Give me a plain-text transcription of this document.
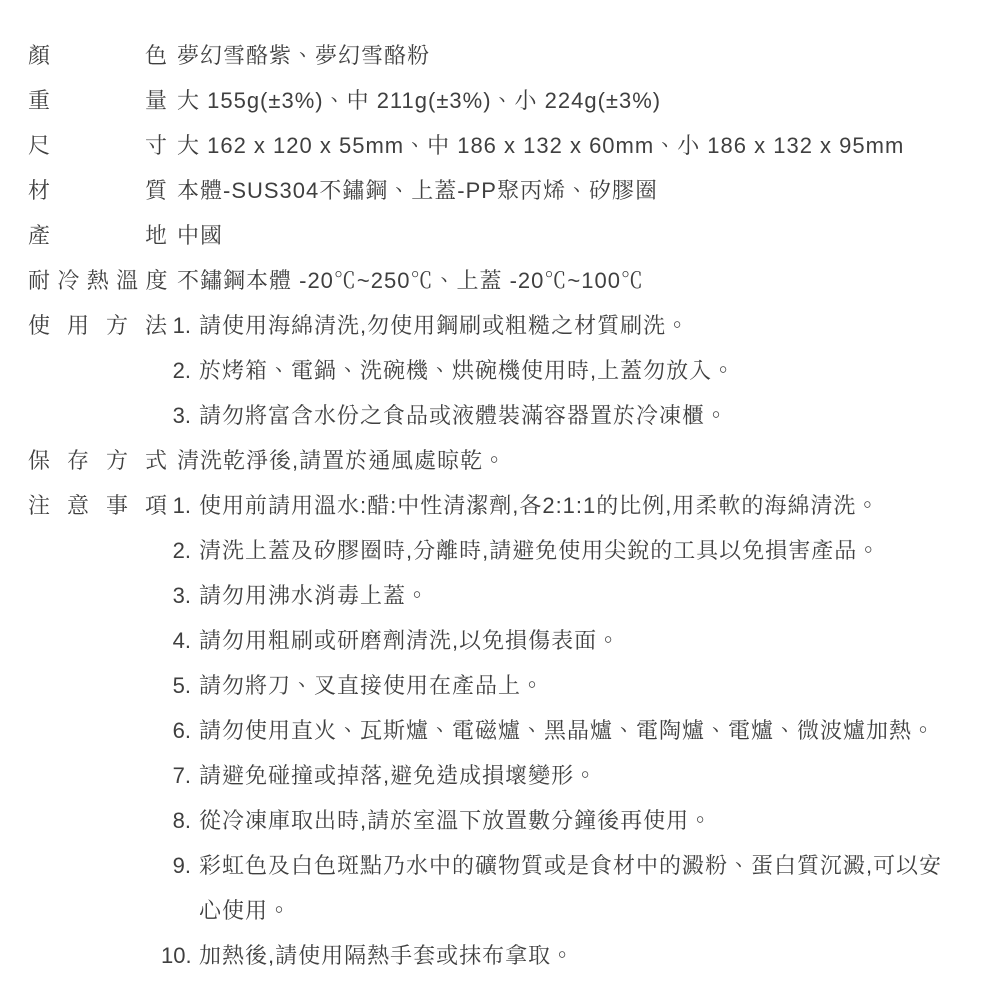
顏色 夢幻雪酪紫、夢幻雪酪粉
重量 大 155g(±3%)、中 211g(±3%)、小 224g(±3%)
尺寸 大 162 x 120 x 55mm、中 186 x 132 x 60mm、小 186 x 132 x 95mm
材質 本體-SUS304不鏽鋼、上蓋-PP聚丙烯、矽膠圈
產地 中國
耐冷熱溫度 不鏽鋼本體 -20℃~250℃、上蓋 -20℃~100℃
使用方法 1. 請使用海綿清洗,勿使用鋼刷或粗糙之材質刷洗。
2. 於烤箱、電鍋、洗碗機、烘碗機使用時,上蓋勿放入。
3. 請勿將富含水份之食品或液體裝滿容器置於冷凍櫃。
保存方式 清洗乾淨後,請置於通風處晾乾。
注意事項 1. 使用前請用溫水:醋:中性清潔劑,各2:1:1的比例,用柔軟的海綿清洗。
2. 清洗上蓋及矽膠圈時,分離時,請避免使用尖銳的工具以免損害產品。
3. 請勿用沸水消毒上蓋。
4. 請勿用粗刷或研磨劑清洗,以免損傷表面。
5. 請勿將刀、叉直接使用在產品上。
6. 請勿使用直火、瓦斯爐、電磁爐、黑晶爐、電陶爐、電爐、微波爐加熱。
7. 請避免碰撞或掉落,避免造成損壞變形。
8. 從冷凍庫取出時,請於室溫下放置數分鐘後再使用。
9. 彩虹色及白色斑點乃水中的礦物質或是食材中的澱粉、蛋白質沉澱,可以安心使用。
10. 加熱後,請使用隔熱手套或抹布拿取。
